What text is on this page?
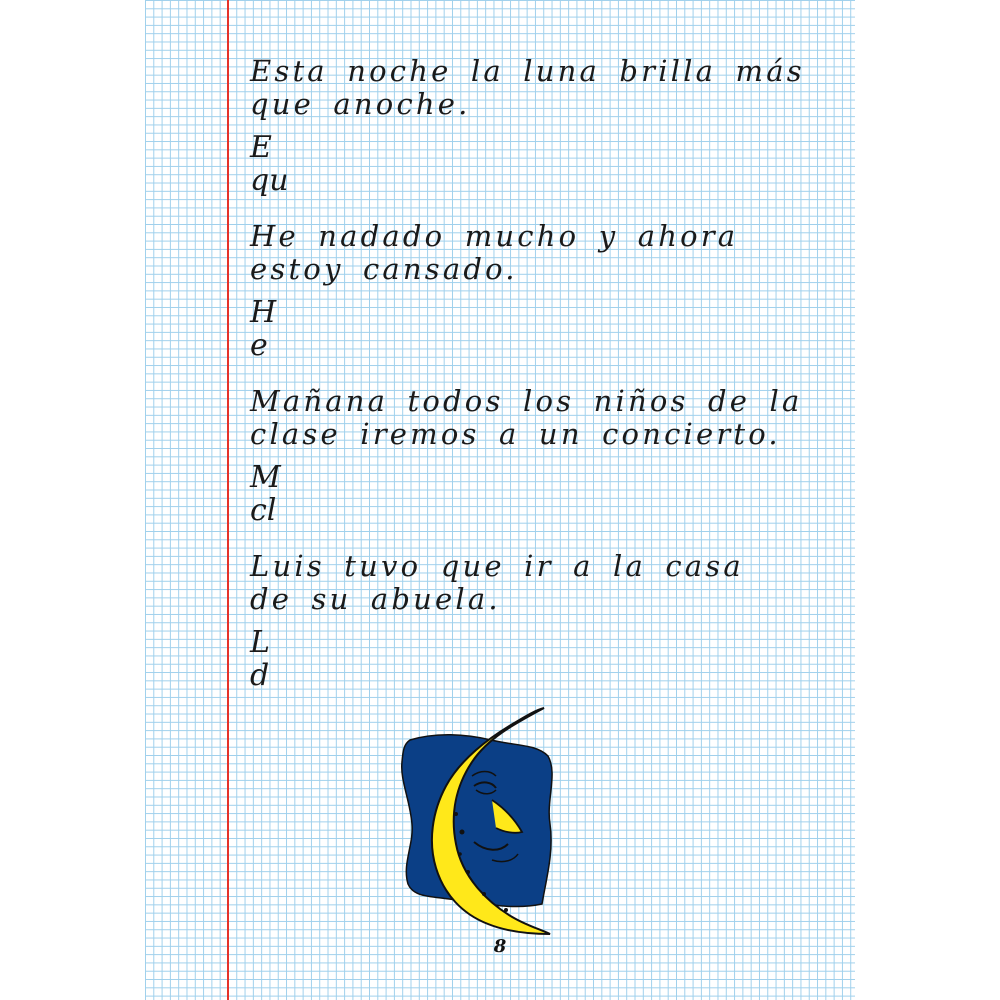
Esta noche la luna brilla más

que anoche.

E
qu

He nadado mucho y ahora

estoy cansado.

H
e

Mañana todos los niños de la

clase iremos a un concierto.

M
cl

Luis tuvo que ir a la casa

de su abuela.

L
d
8
